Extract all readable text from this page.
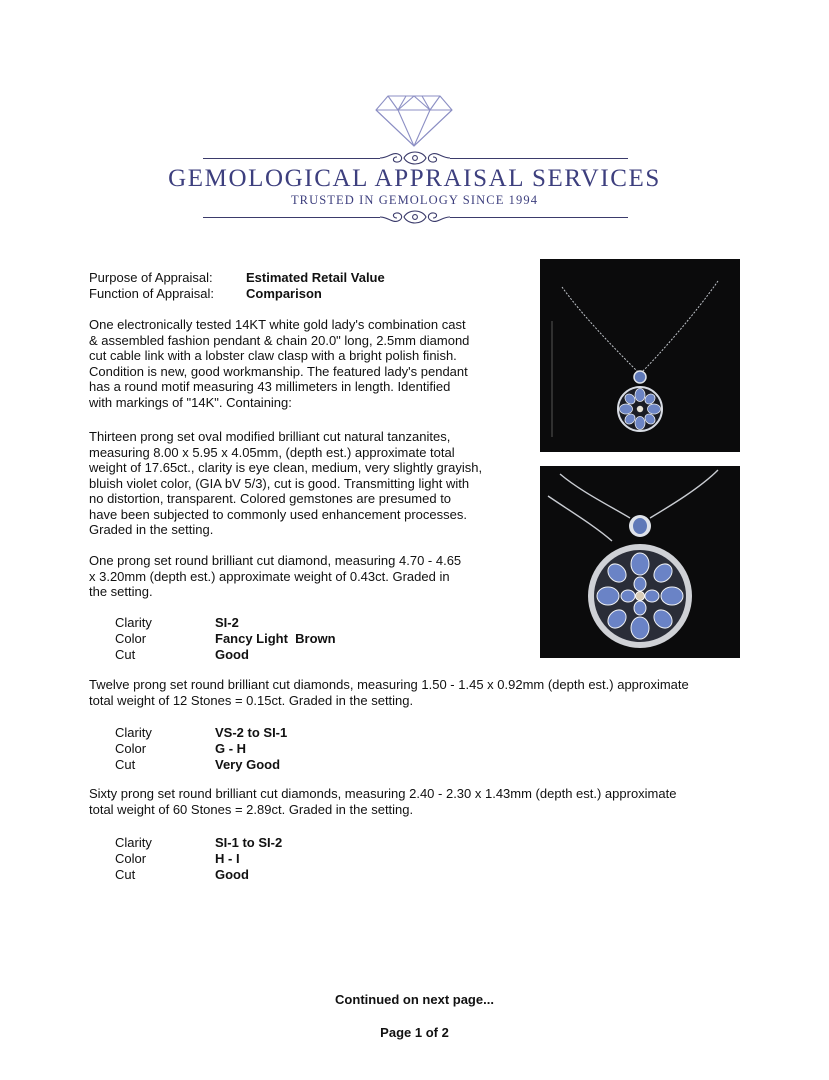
GEMOLOGICAL APPRAISAL SERVICES
TRUSTED IN GEMOLOGY SINCE 1994
Purpose of Appraisal:	Estimated Retail Value
Function of Appraisal: Comparison
One electronically tested 14KT white gold lady's combination cast
& assembled fashion pendant & chain 20.0" long, 2.5mm diamond
cut cable link with a lobster claw clasp with a bright polish finish.
Condition is new, good workmanship. The featured lady's pendant
has a round motif measuring 43 millimeters in length. Identified
with markings of "14K". Containing:
Thirteen prong set oval modified brilliant cut natural tanzanites,
measuring 8.00 x 5.95 x 4.05mm, (depth est.) approximate total
weight of 17.65ct., clarity is eye clean, medium, very slightly grayish,
bluish violet color, (GIA bV 5/3), cut is good. Transmitting light with
no distortion, transparent. Colored gemstones are presumed to
have been subjected to commonly used enhancement processes.
Graded in the setting.
One prong set round brilliant cut diamond, measuring 4.70 - 4.65
x 3.20mm (depth est.) approximate weight of 0.43ct. Graded in
the setting.
Clarity	SI-2
Color	Fancy Light  Brown
Cut	Good
Twelve prong set round brilliant cut diamonds, measuring 1.50 - 1.45 x 0.92mm (depth est.) approximate
total weight of 12 Stones = 0.15ct. Graded in the setting.
Clarity	VS-2 to SI-1
Color	G - H
Cut	Very Good
Sixty prong set round brilliant cut diamonds, measuring 2.40 - 2.30 x 1.43mm (depth est.) approximate
total weight of 60 Stones = 2.89ct. Graded in the setting.
Clarity	SI-1 to SI-2
Color	H - I
Cut	Good
Continued on next page...
Page 1 of 2
